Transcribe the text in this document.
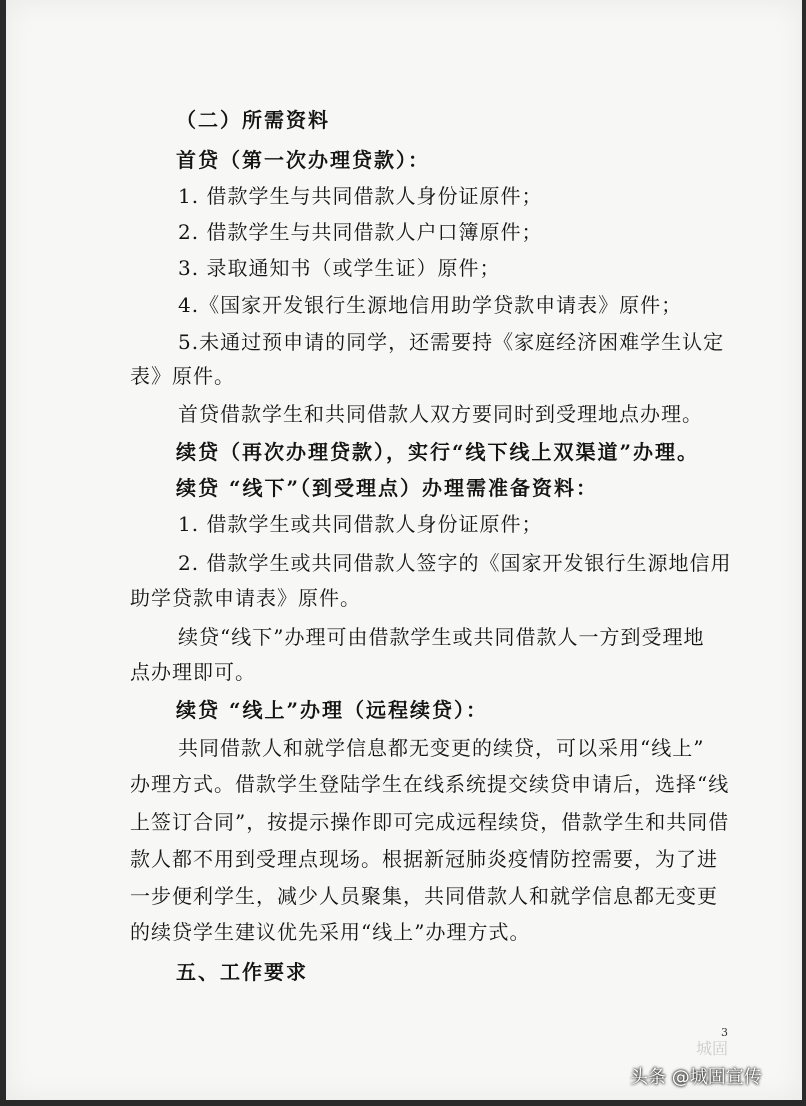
（二）所需资料
首贷（第一次办理贷款）：
1. 借款学生与共同借款人身份证原件；
2. 借款学生与共同借款人户口簿原件；
3. 录取通知书（或学生证）原件；
4.《国家开发银行生源地信用助学贷款申请表》原件；
5.未通过预申请的同学，还需要持《家庭经济困难学生认定
表》原件。
首贷借款学生和共同借款人双方要同时到受理地点办理。
续贷（再次办理贷款），实行“线下线上双渠道”办理。
续贷 “线下”（到受理点）办理需准备资料：
1. 借款学生或共同借款人身份证原件；
2. 借款学生或共同借款人签字的《国家开发银行生源地信用
助学贷款申请表》原件。
续贷“线下”办理可由借款学生或共同借款人一方到受理地
点办理即可。
续贷 “线上”办理（远程续贷）：
共同借款人和就学信息都无变更的续贷，可以采用“线上”
办理方式。借款学生登陆学生在线系统提交续贷申请后，选择“线
上签订合同”，按提示操作即可完成远程续贷，借款学生和共同借
款人都不用到受理点现场。根据新冠肺炎疫情防控需要，为了进
一步便利学生，减少人员聚集，共同借款人和就学信息都无变更
的续贷学生建议优先采用“线上”办理方式。
五、工作要求
3
城固
头条 @城固宣传
